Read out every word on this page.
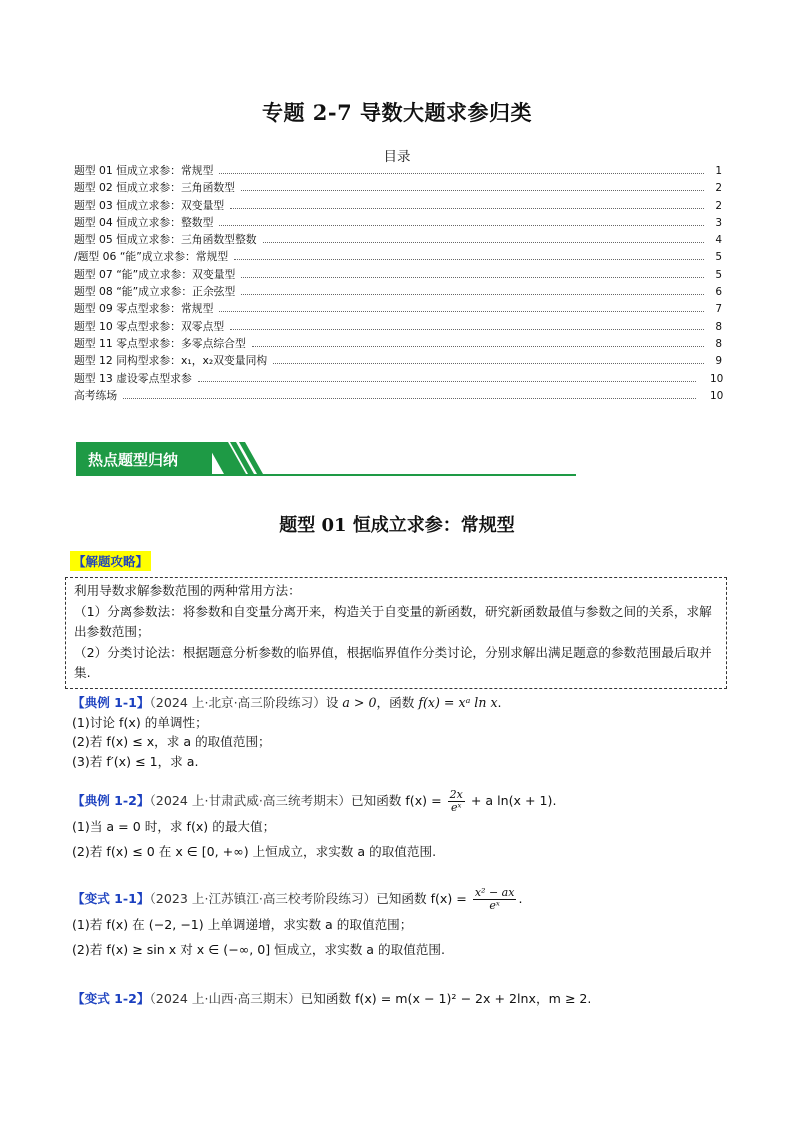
专题 2-7 导数大题求参归类
目录
题型 01 恒成立求参：常规型	1
题型 02 恒成立求参：三角函数型	2
题型 03 恒成立求参：双变量型	2
题型 04 恒成立求参：整数型	3
题型 05 恒成立求参：三角函数型整数	4
/题型 06 “能”成立求参：常规型	5
题型 07 “能”成立求参：双变量型	5
题型 08 “能”成立求参：正余弦型	6
题型 09 零点型求参：常规型	7
题型 10 零点型求参：双零点型	8
题型 11 零点型求参：多零点综合型	8
题型 12 同构型求参：x₁，x₂双变量同构	9
题型 13 虚设零点型求参	10
高考练场	10
热点题型归纳
题型 01 恒成立求参：常规型
【解题攻略】

利用导数求解参数范围的两种常用方法：

（1）分离参数法：将参数和自变量分离开来，构造关于自变量的新函数，研究新函数最值与参数之间的关系，求解出参数范围；

（2）分类讨论法：根据题意分析参数的临界值，根据临界值作分类讨论，分别求解出满足题意的参数范围最后取并集.

【典例 1-1】（2024 上·北京·高三阶段练习）设 a > 0，函数 f(x) = xᵃ ln x.

(1)讨论 f(x) 的单调性；

(2)若 f(x) ≤ x，求 a 的取值范围；

(3)若 f′(x) ≤ 1，求 a.

【典例 1-2】（2024 上·甘肃武威·高三统考期末）已知函数 $f(x) = \frac{2x}{\text{eˣ}} + a$ ln(x + 1).

(1)当 a = 0 时，求 f(x) 的最大值；

(2)若 f(x) ≤ 0 在 x ∈ [0, +∞) 上恒成立，求实数 a 的取值范围.

【变式 1-1】（2023 上·江苏镇江·高三校考阶段练习）已知函数 $f(x) = \frac{\text{x² − ax}}{\text{eˣ}}$ .

(1)若 f(x) 在 (−2, −1) 上单调递增，求实数 a 的取值范围；

(2)若 f(x) ≥ sin x 对 x ∈ (−∞, 0] 恒成立，求实数 a 的取值范围.

【变式 1-2】（2024 上·山西·高三期末）已知函数 f(x) = m(x − 1)² − 2x + 2lnx，m ≥ 2.
